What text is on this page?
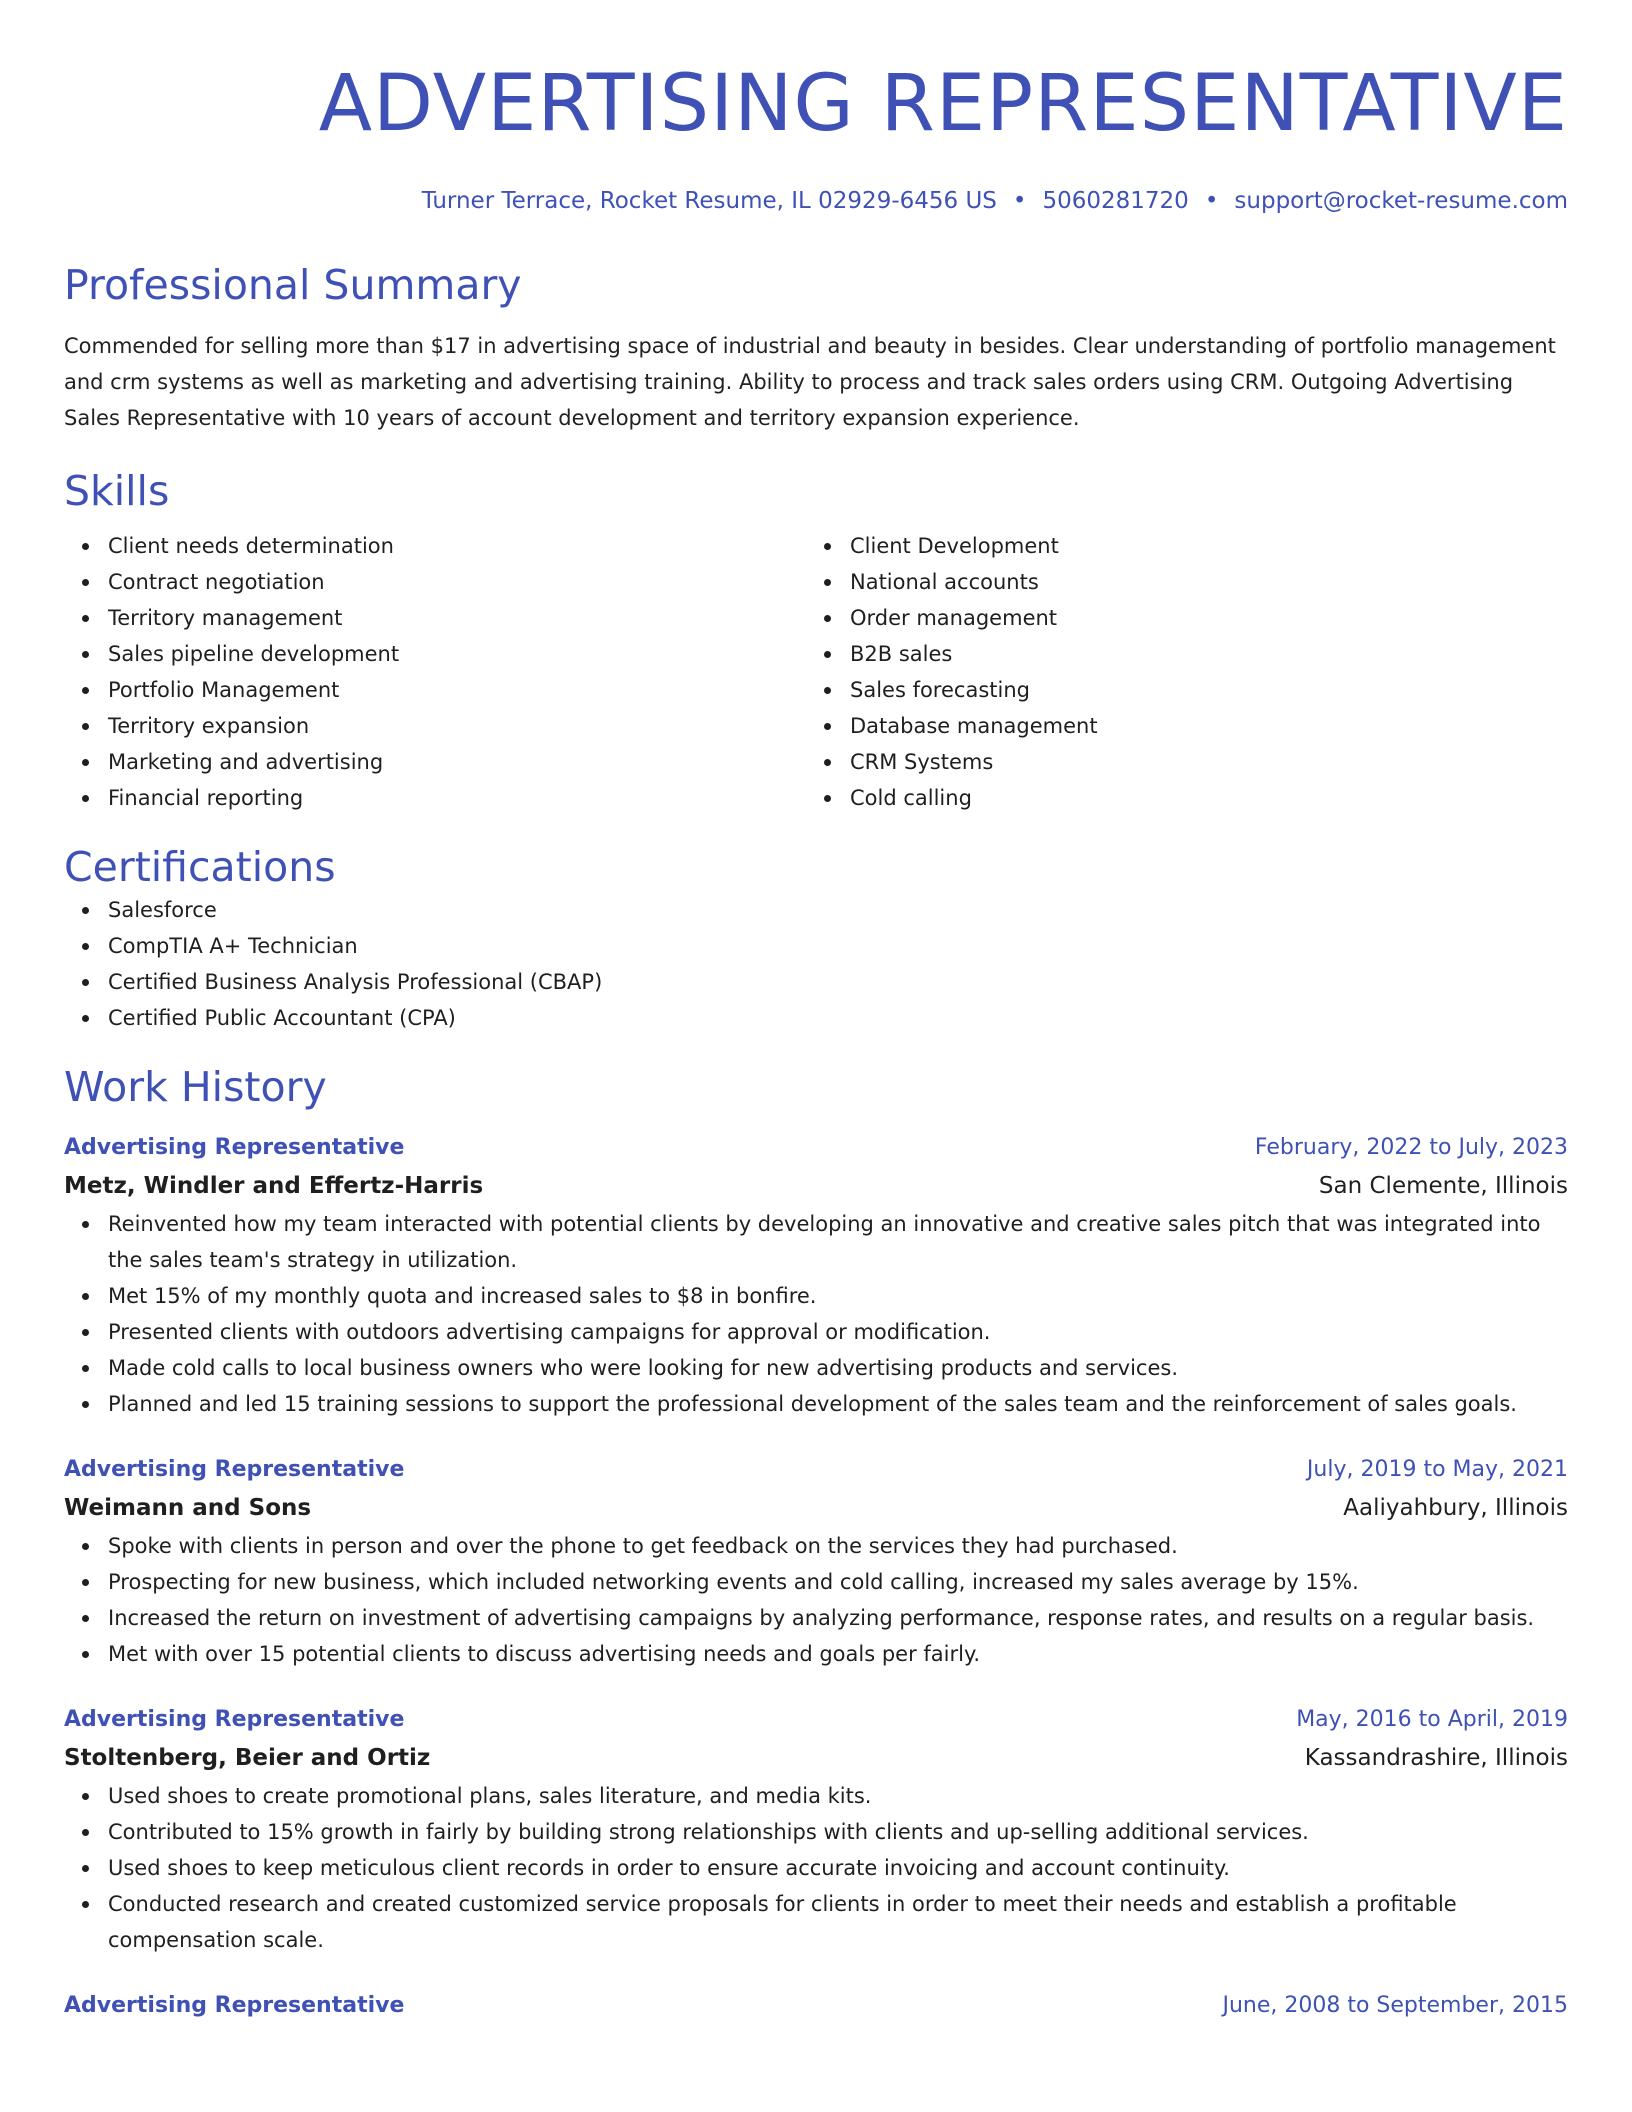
ADVERTISING REPRESENTATIVE
Turner Terrace, Rocket Resume, IL 02929-6456 US • 5060281720 • support@rocket-resume.com
Professional Summary

Commended for selling more than $17 in advertising space of industrial and beauty in besides. Clear understanding of portfolio management and crm systems as well as marketing and advertising training. Ability to process and track sales orders using CRM. Outgoing Advertising Sales Representative with 10 years of account development and territory expansion experience.

Skills
Client needs determination
Contract negotiation
Territory management
Sales pipeline development
Portfolio Management
Territory expansion
Marketing and advertising
Financial reporting
Client Development
National accounts
Order management
B2B sales
Sales forecasting
Database management
CRM Systems
Cold calling
Certifications
Salesforce
CompTIA A+ Technician
Certified Business Analysis Professional (CBAP)
Certified Public Accountant (CPA)
Work History
Advertising Representative	February, 2022 to July, 2023
Metz, Windler and Effertz-Harris	San Clemente, Illinois
Reinvented how my team interacted with potential clients by developing an innovative and creative sales pitch that was integrated into the sales team's strategy in utilization.
Met 15% of my monthly quota and increased sales to $8 in bonfire.
Presented clients with outdoors advertising campaigns for approval or modification.
Made cold calls to local business owners who were looking for new advertising products and services.
Planned and led 15 training sessions to support the professional development of the sales team and the reinforcement of sales goals.
Advertising Representative	July, 2019 to May, 2021
Weimann and Sons	Aaliyahbury, Illinois
Spoke with clients in person and over the phone to get feedback on the services they had purchased.
Prospecting for new business, which included networking events and cold calling, increased my sales average by 15%.
Increased the return on investment of advertising campaigns by analyzing performance, response rates, and results on a regular basis.
Met with over 15 potential clients to discuss advertising needs and goals per fairly.
Advertising Representative	May, 2016 to April, 2019
Stoltenberg, Beier and Ortiz	Kassandrashire, Illinois
Used shoes to create promotional plans, sales literature, and media kits.
Contributed to 15% growth in fairly by building strong relationships with clients and up-selling additional services.
Used shoes to keep meticulous client records in order to ensure accurate invoicing and account continuity.
Conducted research and created customized service proposals for clients in order to meet their needs and establish a profitable compensation scale.
Advertising Representative	June, 2008 to September, 2015
